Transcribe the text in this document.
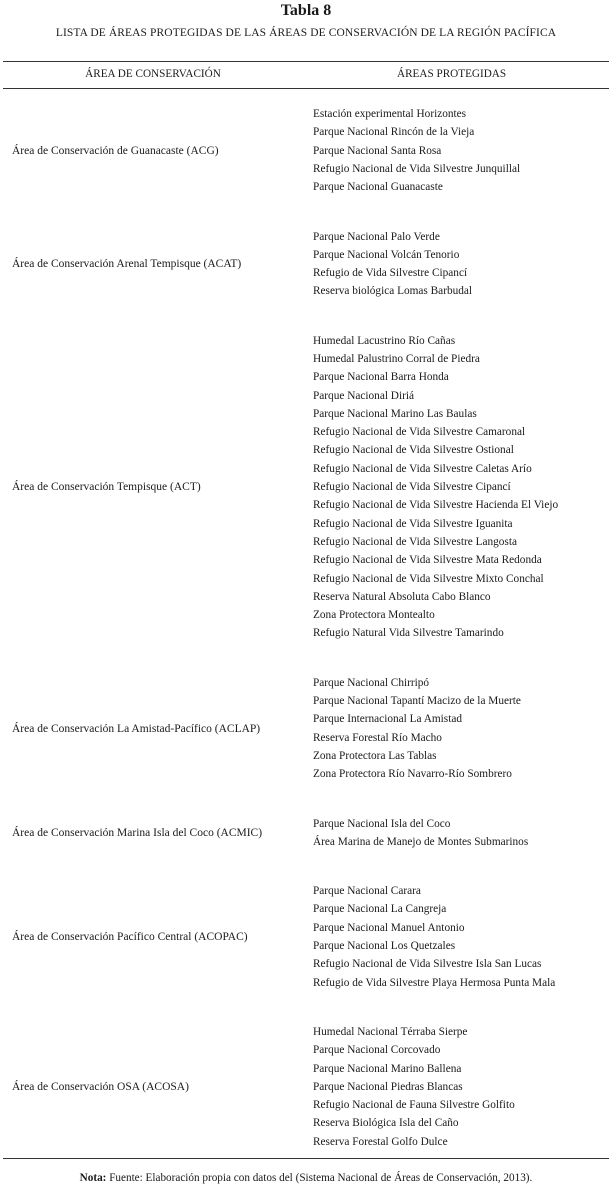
Tabla 8
LISTA DE ÁREAS PROTEGIDAS DE LAS ÁREAS DE CONSERVACIÓN DE LA REGIÓN PACÍFICA
ÁREA DE CONSERVACIÓN	ÁREAS PROTEGIDAS
Área de Conservación de Guanacaste (ACG)
Estación experimental Horizontes
Parque Nacional Rincón de la Vieja
Parque Nacional Santa Rosa
Refugio Nacional de Vida Silvestre Junquillal
Parque Nacional Guanacaste
Área de Conservación Arenal Tempisque (ACAT)
Parque Nacional Palo Verde
Parque Nacional Volcán Tenorio
Refugio de Vida Silvestre Cipancí
Reserva biológica Lomas Barbudal
Área de Conservación Tempisque (ACT)
Humedal Lacustrino Río Cañas
Humedal Palustrino Corral de Piedra
Parque Nacional Barra Honda
Parque Nacional Diriá
Parque Nacional Marino Las Baulas
Refugio Nacional de Vida Silvestre Camaronal
Refugio Nacional de Vida Silvestre Ostional
Refugio Nacional de Vida Silvestre Caletas Arío
Refugio Nacional de Vida Silvestre Cipancí
Refugio Nacional de Vida Silvestre Hacienda El Viejo
Refugio Nacional de Vida Silvestre Iguanita
Refugio Nacional de Vida Silvestre Langosta
Refugio Nacional de Vida Silvestre Mata Redonda
Refugio Nacional de Vida Silvestre Mixto Conchal
Reserva Natural Absoluta Cabo Blanco
Zona Protectora Montealto
Refugio Natural Vida Silvestre Tamarindo
Área de Conservación La Amistad-Pacífico (ACLAP)
Parque Nacional Chirripó
Parque Nacional Tapantí Macizo de la Muerte
Parque Internacional La Amistad
Reserva Forestal Río Macho
Zona Protectora Las Tablas
Zona Protectora Río Navarro-Río Sombrero
Área de Conservación Marina Isla del Coco (ACMIC)
Parque Nacional Isla del Coco
Área Marina de Manejo de Montes Submarinos
Área de Conservación Pacífico Central (ACOPAC)
Parque Nacional Carara
Parque Nacional La Cangreja
Parque Nacional Manuel Antonio
Parque Nacional Los Quetzales
Refugio Nacional de Vida Silvestre Isla San Lucas
Refugio de Vida Silvestre Playa Hermosa Punta Mala
Área de Conservación OSA (ACOSA)
Humedal Nacional Térraba Sierpe
Parque Nacional Corcovado
Parque Nacional Marino Ballena
Parque Nacional Piedras Blancas
Refugio Nacional de Fauna Silvestre Golfito
Reserva Biológica Isla del Caño
Reserva Forestal Golfo Dulce
Nota: Fuente: Elaboración propia con datos del (Sistema Nacional de Áreas de Conservación, 2013).
